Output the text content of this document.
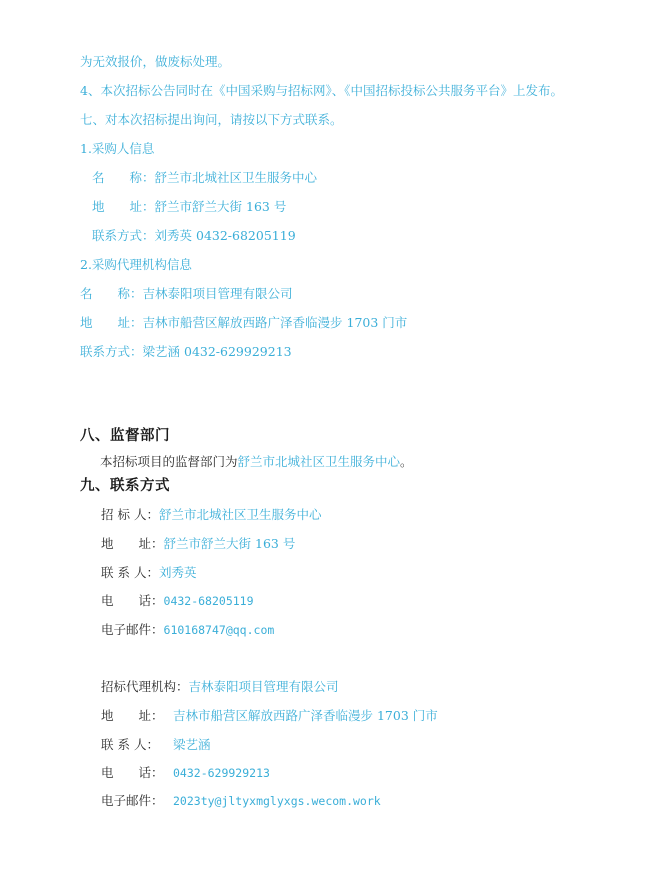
为无效报价，做废标处理。
4、本次招标公告同时在《中国采购与招标网》、《中国招标投标公共服务平台》上发布。
七、对本次招标提出询问，请按以下方式联系。
1.采购人信息
名　　称：舒兰市北城社区卫生服务中心
地　　址：舒兰市舒兰大街 163 号
联系方式：刘秀英 0432-68205119
2.采购代理机构信息
名　　称：吉林泰阳项目管理有限公司
地　　址：吉林市船营区解放西路广泽香临漫步 1703 门市
联系方式：梁艺涵 0432-629929213
八、监督部门
本招标项目的监督部门为舒兰市北城社区卫生服务中心。
九、联系方式
招 标 人：舒兰市北城社区卫生服务中心
地　　址：舒兰市舒兰大街 163 号
联 系 人：刘秀英
电　　话：0432-68205119
电子邮件：610168747@qq.com
招标代理机构：吉林泰阳项目管理有限公司
地　　址： 吉林市船营区解放西路广泽香临漫步 1703 门市
联 系 人： 梁艺涵
电　　话： 0432-629929213
电子邮件： 2023ty@jltyxmglyxgs.wecom.work
